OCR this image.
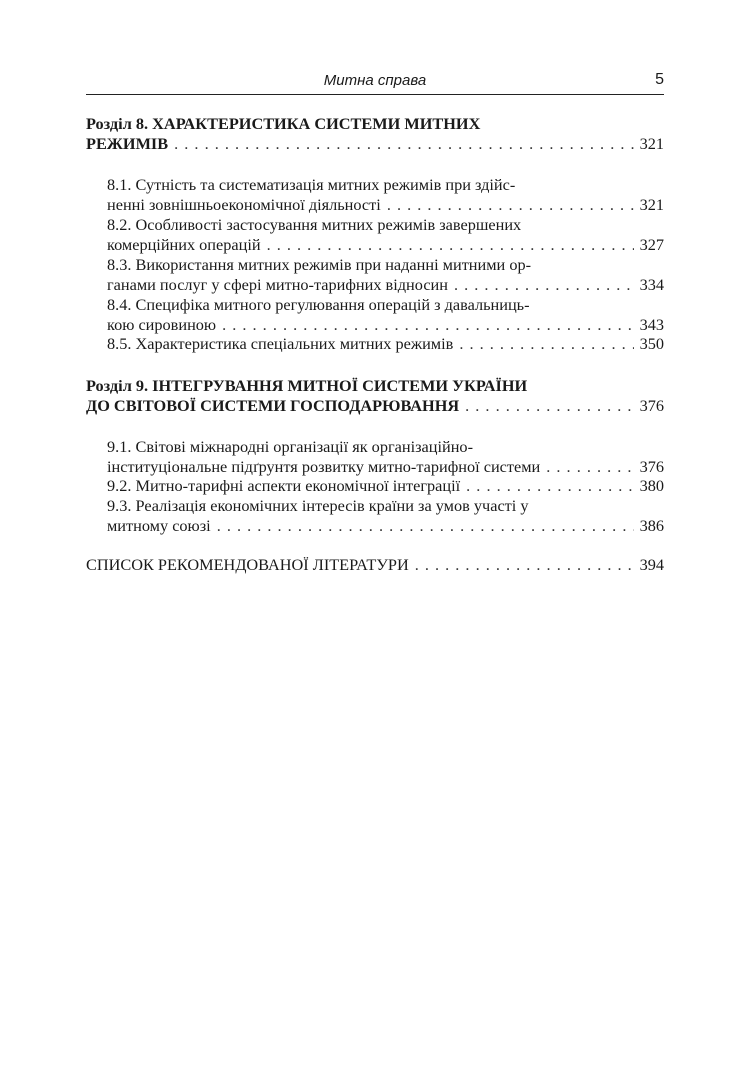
Митна справа	5
Розділ 8. ХАРАКТЕРИСТИКА СИСТЕМИ МИТНИХ
РЕЖИМІВ . . .	321
8.1. Сутність та систематизація митних режимів при здійс-
ненні зовнішньоекономічної діяльності . . .	321
8.2. Особливості застосування митних режимів завершених
комерційних операцій . . .	327
8.3. Використання митних режимів при наданні митними ор-
ганами послуг у сфері митно-тарифних відносин . . .	334
8.4. Специфіка митного регулювання операцій з давальниць-
кою сировиною . . .	343
8.5. Характеристика спеціальних митних режимів . . .	350
Розділ 9. ІНТЕГРУВАННЯ МИТНОЇ СИСТЕМИ УКРАЇНИ
ДО СВІТОВОЇ СИСТЕМИ ГОСПОДАРЮВАННЯ . . .	376
9.1. Світові міжнародні організації як організаційно-
інституціональне підґрунтя розвитку митно-тарифної системи . . .	376
9.2. Митно-тарифні аспекти економічної інтеграції . . .	380
9.3. Реалізація економічних інтересів країни за умов участі у
митному союзі . . .	386
СПИСОК РЕКОМЕНДОВАНОЇ ЛІТЕРАТУРИ . . .	394
